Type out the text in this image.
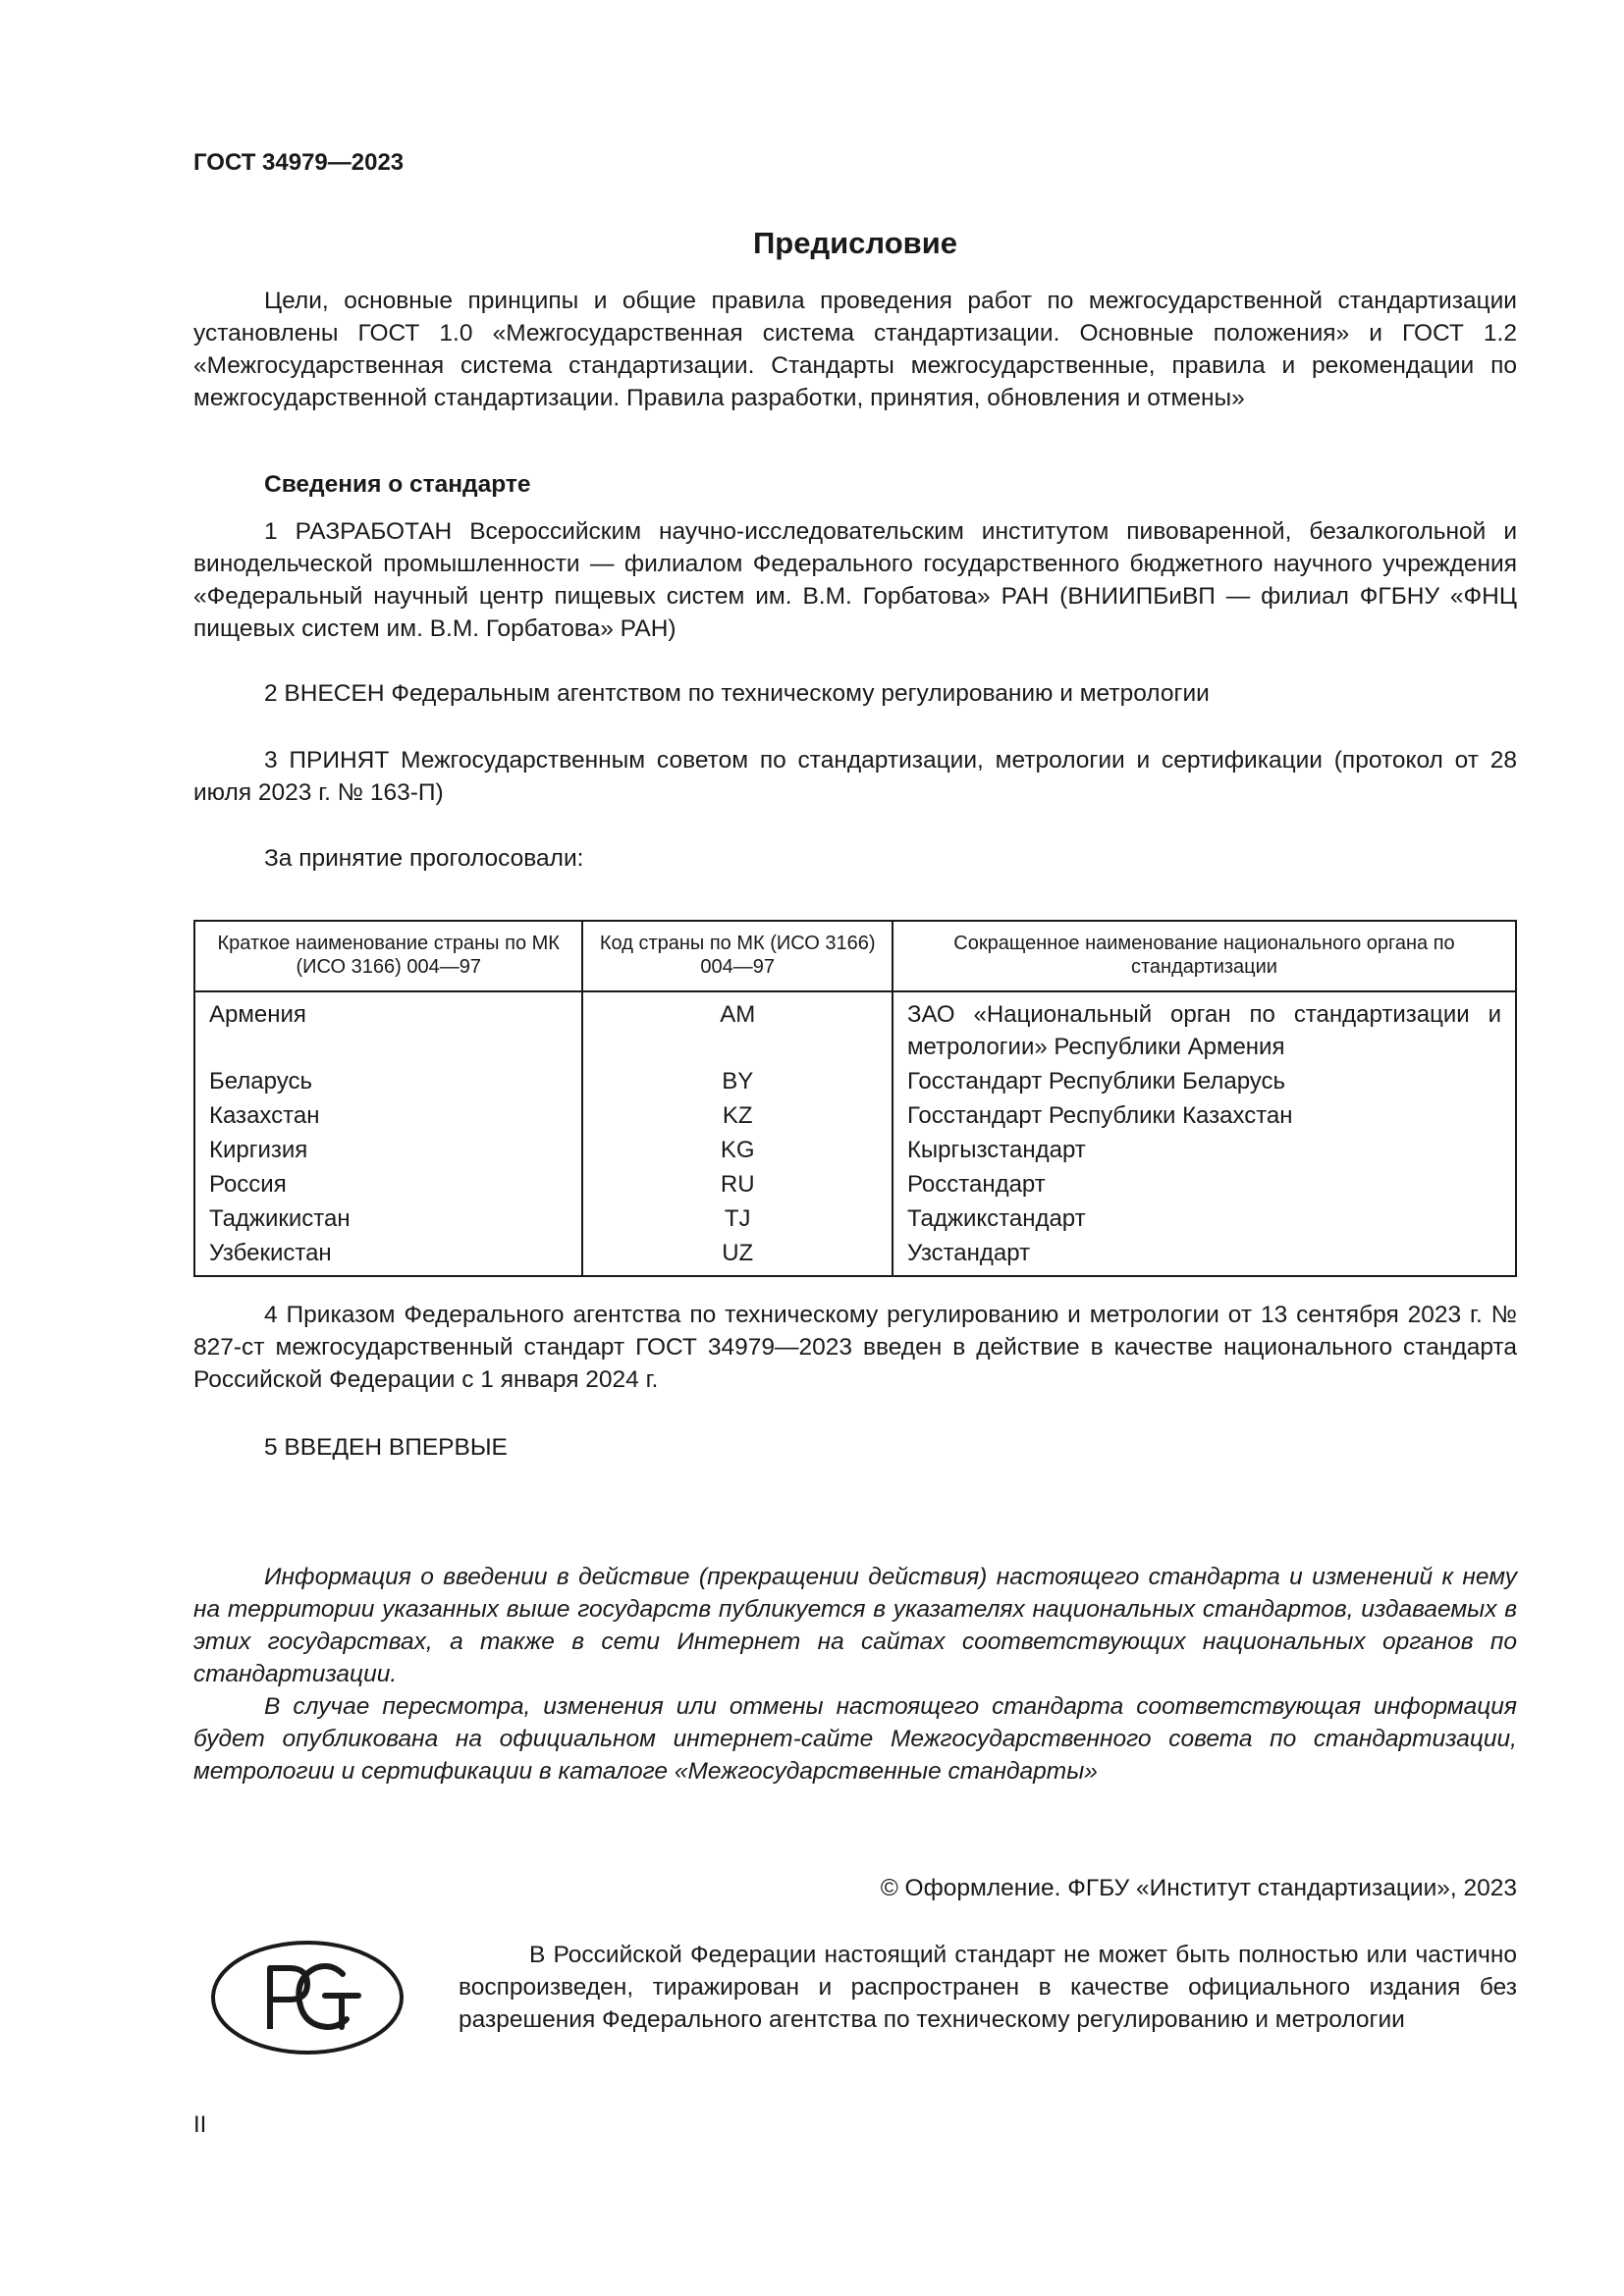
ГОСТ 34979—2023
Предисловие

Цели, основные принципы и общие правила проведения работ по межгосударственной стандартизации установлены ГОСТ 1.0 «Межгосударственная система стандартизации. Основные положения» и ГОСТ 1.2 «Межгосударственная система стандартизации. Стандарты межгосударственные, правила и рекомендации по межгосударственной стандартизации. Правила разработки, принятия, обновления и отмены»

Сведения о стандарте

1 РАЗРАБОТАН Всероссийским научно-исследовательским институтом пивоваренной, безалкогольной и винодельческой промышленности — филиалом Федерального государственного бюджетного научного учреждения «Федеральный научный центр пищевых систем им. В.М. Горбатова» РАН (ВНИИПБиВП — филиал ФГБНУ «ФНЦ пищевых систем им. В.М. Горбатова» РАН)

2 ВНЕСЕН Федеральным агентством по техническому регулированию и метрологии

3 ПРИНЯТ Межгосударственным советом по стандартизации, метрологии и сертификации (протокол от 28 июля 2023 г. № 163-П)

За принятие проголосовали:

Краткое наименование страны по МК (ИСО 3166) 004—97	Код страны по МК (ИСО 3166) 004—97	Сокращенное наименование национального органа по стандартизации
Армения	AM	ЗАО «Национальный орган по стандартизации и метрологии» Республики Армения
Беларусь	BY	Госстандарт Республики Беларусь
Казахстан	KZ	Госстандарт Республики Казахстан
Киргизия	KG	Кыргызстандарт
Россия	RU	Росстандарт
Таджикистан	TJ	Таджикстандарт
Узбекистан	UZ	Узстандарт

4 Приказом Федерального агентства по техническому регулированию и метрологии от 13 сентября 2023 г. № 827-ст межгосударственный стандарт ГОСТ 34979—2023 введен в действие в качестве национального стандарта Российской Федерации с 1 января 2024 г.

5 ВВЕДЕН ВПЕРВЫЕ

Информация о введении в действие (прекращении действия) настоящего стандарта и изменений к нему на территории указанных выше государств публикуется в указателях национальных стандартов, издаваемых в этих государствах, а также в сети Интернет на сайтах соответствующих национальных органов по стандартизации.

В случае пересмотра, изменения или отмены настоящего стандарта соответствующая информация будет опубликована на официальном интернет-сайте Межгосударственного совета по стандартизации, метрологии и сертификации в каталоге «Межгосударственные стандарты»

© Оформление. ФГБУ «Институт стандартизации», 2023

В Российской Федерации настоящий стандарт не может быть полностью или частично воспроизведен, тиражирован и распространен в качестве официального издания без разрешения Федерального агентства по техническому регулированию и метрологии

II
